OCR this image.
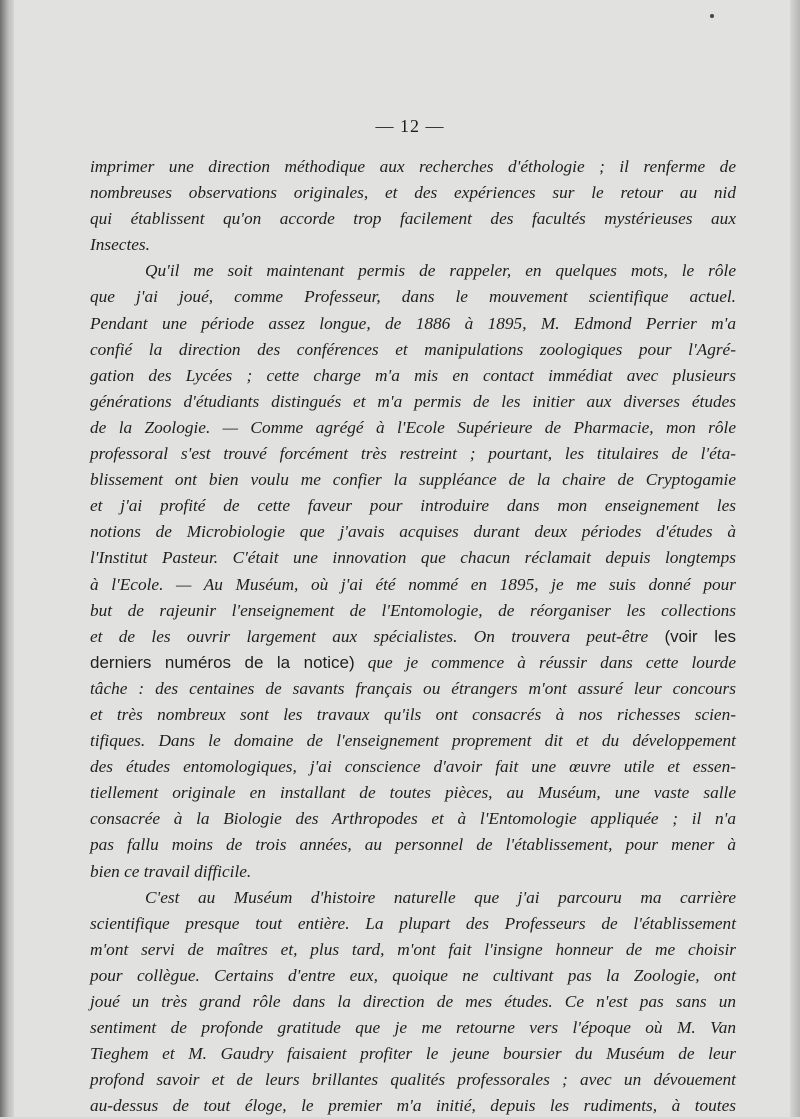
— 12 —

imprimer une direction méthodique aux recherches d'éthologie ; il renferme de

nombreuses observations originales, et des expériences sur le retour au nid

qui établissent qu'on accorde trop facilement des facultés mystérieuses aux

Insectes.

Qu'il me soit maintenant permis de rappeler, en quelques mots, le rôle

que j'ai joué, comme Professeur, dans le mouvement scientifique actuel.

Pendant une période assez longue, de 1886 à 1895, M. Edmond Perrier m'a

confié la direction des conférences et manipulations zoologiques pour l'Agré-

gation des Lycées ; cette charge m'a mis en contact immédiat avec plusieurs

générations d'étudiants distingués et m'a permis de les initier aux diverses études

de la Zoologie. — Comme agrégé à l'Ecole Supérieure de Pharmacie, mon rôle

professoral s'est trouvé forcément très restreint ; pourtant, les titulaires de l'éta-

blissement ont bien voulu me confier la suppléance de la chaire de Cryptogamie

et j'ai profité de cette faveur pour introduire dans mon enseignement les

notions de Microbiologie que j'avais acquises durant deux périodes d'études à

l'Institut Pasteur. C'était une innovation que chacun réclamait depuis longtemps

à l'Ecole. — Au Muséum, où j'ai été nommé en 1895, je me suis donné pour

but de rajeunir l'enseignement de l'Entomologie, de réorganiser les collections

et de les ouvrir largement aux spécialistes. On trouvera peut-être (voir les

derniers numéros de la notice) que je commence à réussir dans cette lourde

tâche : des centaines de savants français ou étrangers m'ont assuré leur concours

et très nombreux sont les travaux qu'ils ont consacrés à nos richesses scien-

tifiques. Dans le domaine de l'enseignement proprement dit et du développement

des études entomologiques, j'ai conscience d'avoir fait une œuvre utile et essen-

tiellement originale en installant de toutes pièces, au Muséum, une vaste salle

consacrée à la Biologie des Arthropodes et à l'Entomologie appliquée ; il n'a

pas fallu moins de trois années, au personnel de l'établissement, pour mener à

bien ce travail difficile.

C'est au Muséum d'histoire naturelle que j'ai parcouru ma carrière

scientifique presque tout entière. La plupart des Professeurs de l'établissement

m'ont servi de maîtres et, plus tard, m'ont fait l'insigne honneur de me choisir

pour collègue. Certains d'entre eux, quoique ne cultivant pas la Zoologie, ont

joué un très grand rôle dans la direction de mes études. Ce n'est pas sans un

sentiment de profonde gratitude que je me retourne vers l'époque où M. Van

Tieghem et M. Gaudry faisaient profiter le jeune boursier du Muséum de leur

profond savoir et de leurs brillantes qualités professorales ; avec un dévouement

au-dessus de tout éloge, le premier m'a initié, depuis les rudiments, à toutes
